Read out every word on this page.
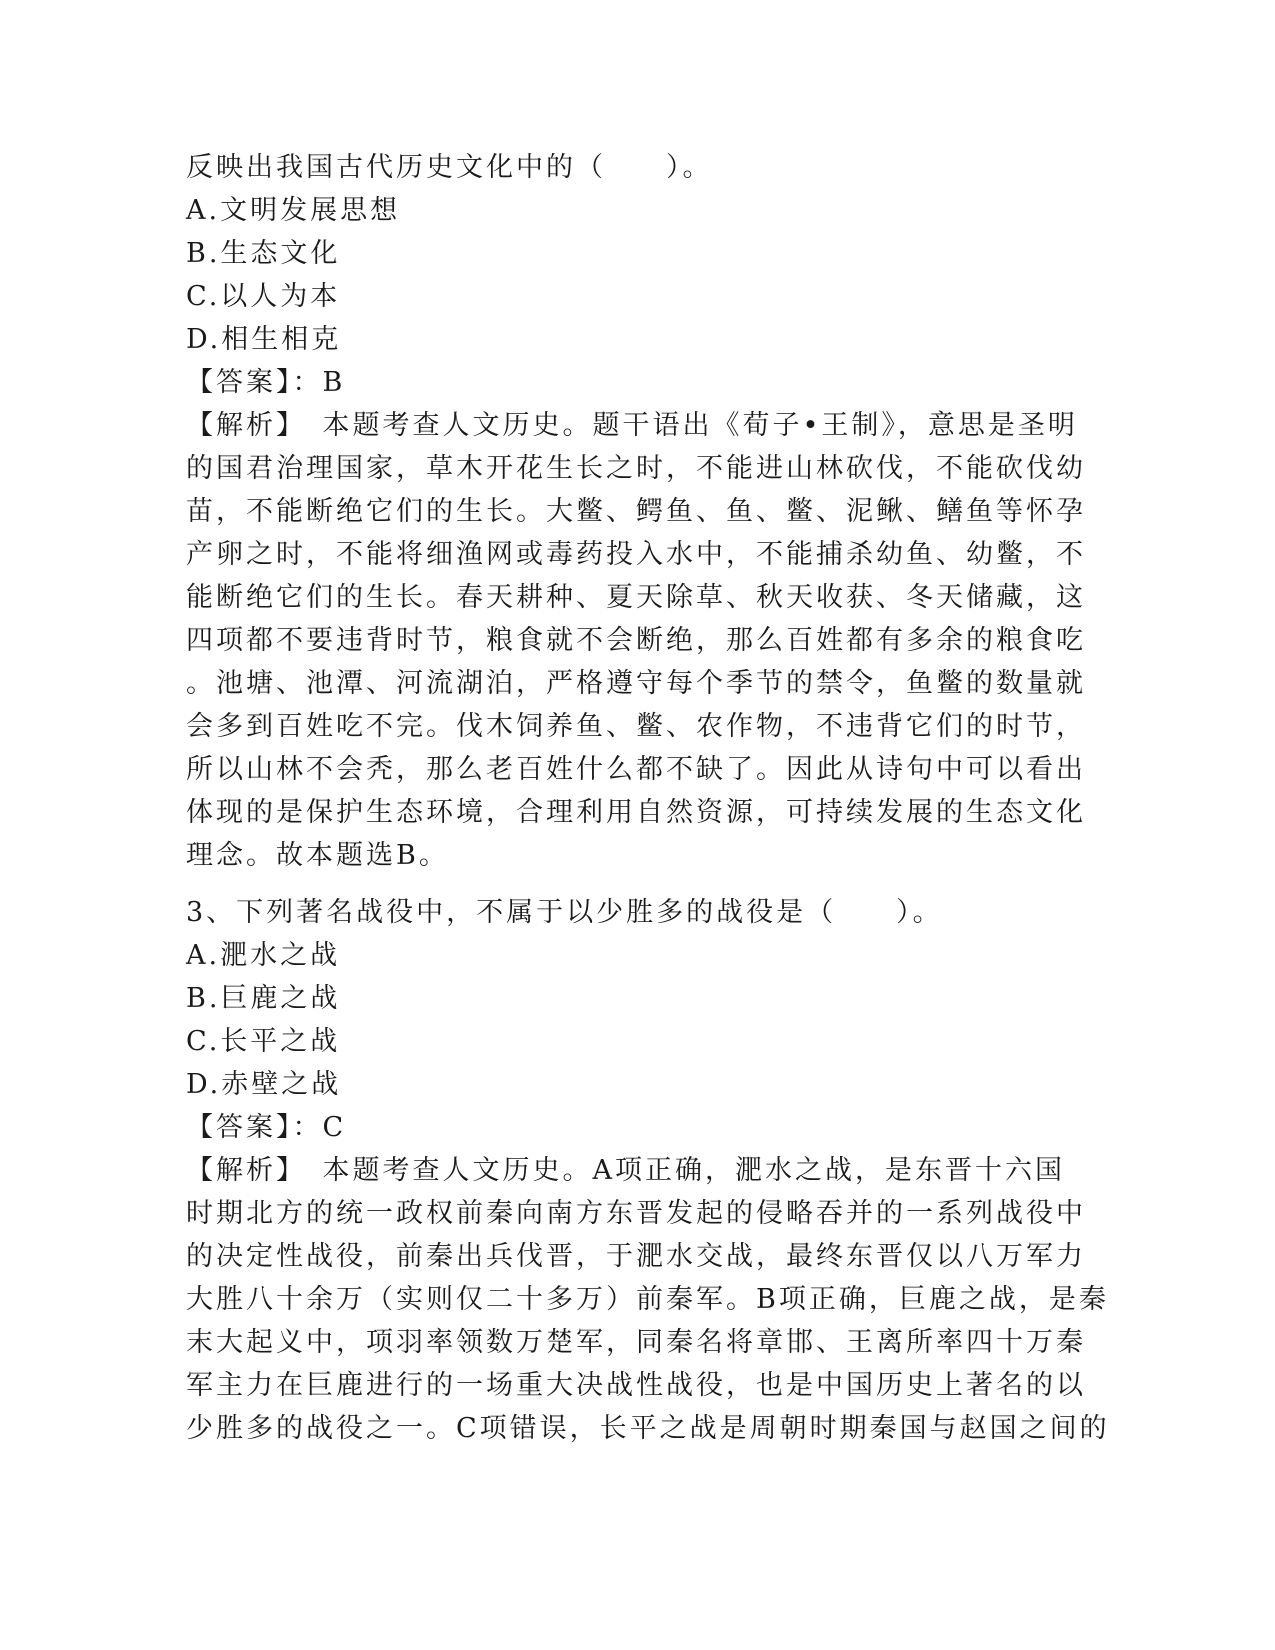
反映出我国古代历史文化中的（　　）。
A.文明发展思想
B.生态文化
C.以人为本
D.相生相克
【答案】：B
【解析】　本题考查人文历史。题干语出《荀子•王制》，意思是圣明
的国君治理国家，草木开花生长之时，不能进山林砍伐，不能砍伐幼
苗，不能断绝它们的生长。大鳖、鳄鱼、鱼、鳖、泥鳅、鳝鱼等怀孕
产卵之时，不能将细渔网或毒药投入水中，不能捕杀幼鱼、幼鳖，不
能断绝它们的生长。春天耕种、夏天除草、秋天收获、冬天储藏，这
四项都不要违背时节，粮食就不会断绝，那么百姓都有多余的粮食吃
。池塘、池潭、河流湖泊，严格遵守每个季节的禁令，鱼鳖的数量就
会多到百姓吃不完。伐木饲养鱼、鳖、农作物，不违背它们的时节，
所以山林不会秃，那么老百姓什么都不缺了。因此从诗句中可以看出
体现的是保护生态环境，合理利用自然资源，可持续发展的生态文化
理念。故本题选B。
3、下列著名战役中，不属于以少胜多的战役是（　　）。
A.淝水之战
B.巨鹿之战
C.长平之战
D.赤壁之战
【答案】：C
【解析】　本题考查人文历史。A项正确，淝水之战，是东晋十六国
时期北方的统一政权前秦向南方东晋发起的侵略吞并的一系列战役中
的决定性战役，前秦出兵伐晋，于淝水交战，最终东晋仅以八万军力
大胜八十余万（实则仅二十多万）前秦军。B项正确，巨鹿之战，是秦
末大起义中，项羽率领数万楚军，同秦名将章邯、王离所率四十万秦
军主力在巨鹿进行的一场重大决战性战役，也是中国历史上著名的以
少胜多的战役之一。C项错误，长平之战是周朝时期秦国与赵国之间的
